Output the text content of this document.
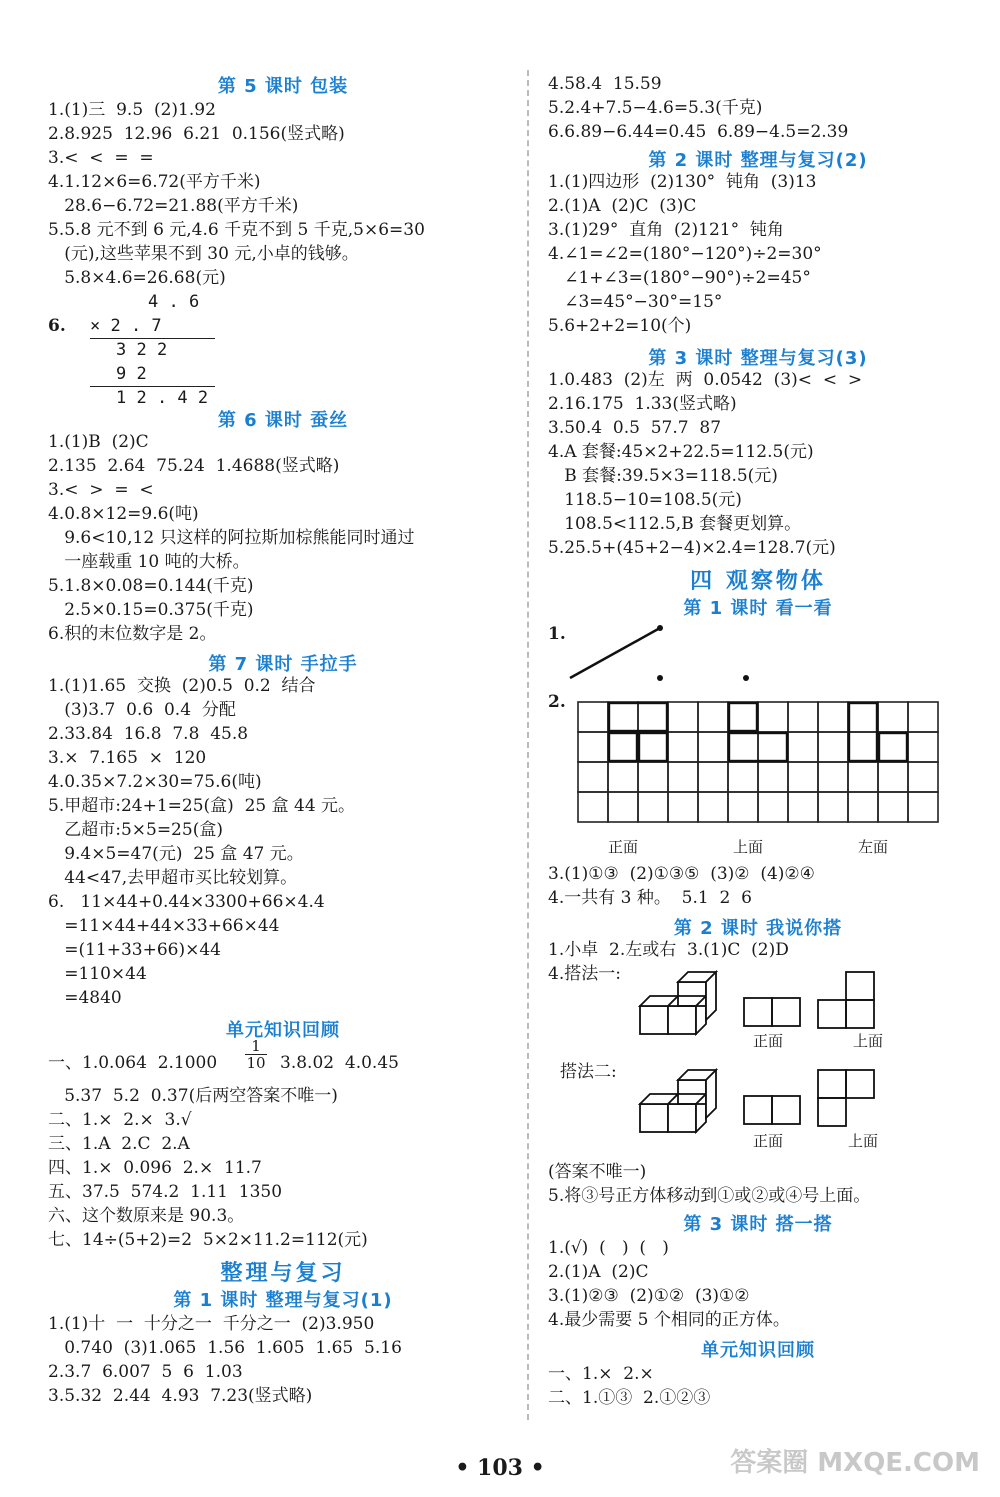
第 5 课时 包装
1.(1)三  9.5  (2)1.92
2.8.925  12.96  6.21  0.156(竖式略)
3.<  <  =  =
4.1.12×6=6.72(平方千米)
28.6−6.72=21.88(平方千米)
5.5.8 元不到 6 元,4.6 千克不到 5 千克,5×6=30
(元),这些苹果不到 30 元,小卓的钱够。
5.8×4.6=26.68(元)
6.
4 . 6
× 2 . 7
3 2 2
9 2
1 2 . 4 2
第 6 课时 蚕丝
1.(1)B  (2)C
2.135  2.64  75.24  1.4688(竖式略)
3.<  >  =  <
4.0.8×12=9.6(吨)
9.6<10,12 只这样的阿拉斯加棕熊能同时通过
一座载重 10 吨的大桥。
5.1.8×0.08=0.144(千克)
2.5×0.15=0.375(千克)
6.积的末位数字是 2。
第 7 课时 手拉手
1.(1)1.65  交换  (2)0.5  0.2  结合
(3)3.7  0.6  0.4  分配
2.33.84  16.8  7.8  45.8
3.×  7.165  ×  120
4.0.35×7.2×30=75.6(吨)
5.甲超市:24+1=25(盒)  25 盒 44 元。
乙超市:5×5=25(盒)
9.4×5=47(元)  25 盒 47 元。
44<47,去甲超市买比较划算。
6.   11×44+0.44×3300+66×4.4
=11×44+44×33+66×44
=(11+33+66)×44
=110×44
=4840
单元知识回顾
一、1.0.064  $2.1000 \frac{1}{10} 3.8.02$  4.0.45
5.37  5.2  0.37(后两空答案不唯一)
二、1.×  2.×  3.√
三、1.A  2.C  2.A
四、1.×  0.096  2.×  11.7
五、37.5  574.2  1.11  1350
六、这个数原来是 90.3。
七、14÷(5+2)=2  5×2×11.2=112(元)
整理与复习
第 1 课时 整理与复习(1)
1.(1)十  一  十分之一  千分之一  (2)3.950
0.740  (3)1.065  1.56  1.605  1.65  5.16
2.3.7  6.007  5  6  1.03
3.5.32  2.44  4.93  7.23(竖式略)
4.58.4  15.59
5.2.4+7.5−4.6=5.3(千克)
6.6.89−6.44=0.45  6.89−4.5=2.39
第 2 课时 整理与复习(2)
1.(1)四边形  (2)130°  钝角  (3)13
2.(1)A  (2)C  (3)C
3.(1)29°  直角  (2)121°  钝角
4.∠1=∠2=(180°−120°)÷2=30°
∠1+∠3=(180°−90°)÷2=45°
∠3=45°−30°=15°
5.6+2+2=10(个)
第 3 课时 整理与复习(3)
1.0.483  (2)左  两  0.0542  (3)<  <  >
2.16.175  1.33(竖式略)
3.50.4  0.5  57.7  87
4.A 套餐:45×2+22.5=112.5(元)
B 套餐:39.5×3=118.5(元)
118.5−10=108.5(元)
108.5<112.5,B 套餐更划算。
5.25.5+(45+2−4)×2.4=128.7(元)
四 观察物体
第 1 课时 看一看
1.
2.
正面	上面	左面
3.(1)①③  (2)①③⑤  (3)②  (4)②④
4.一共有 3 种。  5.1  2  6
第 2 课时 我说你搭
1.小卓  2.左或右  3.(1)C  (2)D
4.搭法一:
正面	上面
搭法二:
正面	上面
(答案不唯一)
5.将③号正方体移动到①或②或④号上面。
第 3 课时 搭一搭
1.(√)  (   )  (   )
2.(1)A  (2)C
3.(1)②③  (2)①②  (3)①②
4.最少需要 5 个相同的正方体。
单元知识回顾
一、1.×  2.×
二、1.①③  2.①②③
• 103 •	答案圈 MXQE.COM
